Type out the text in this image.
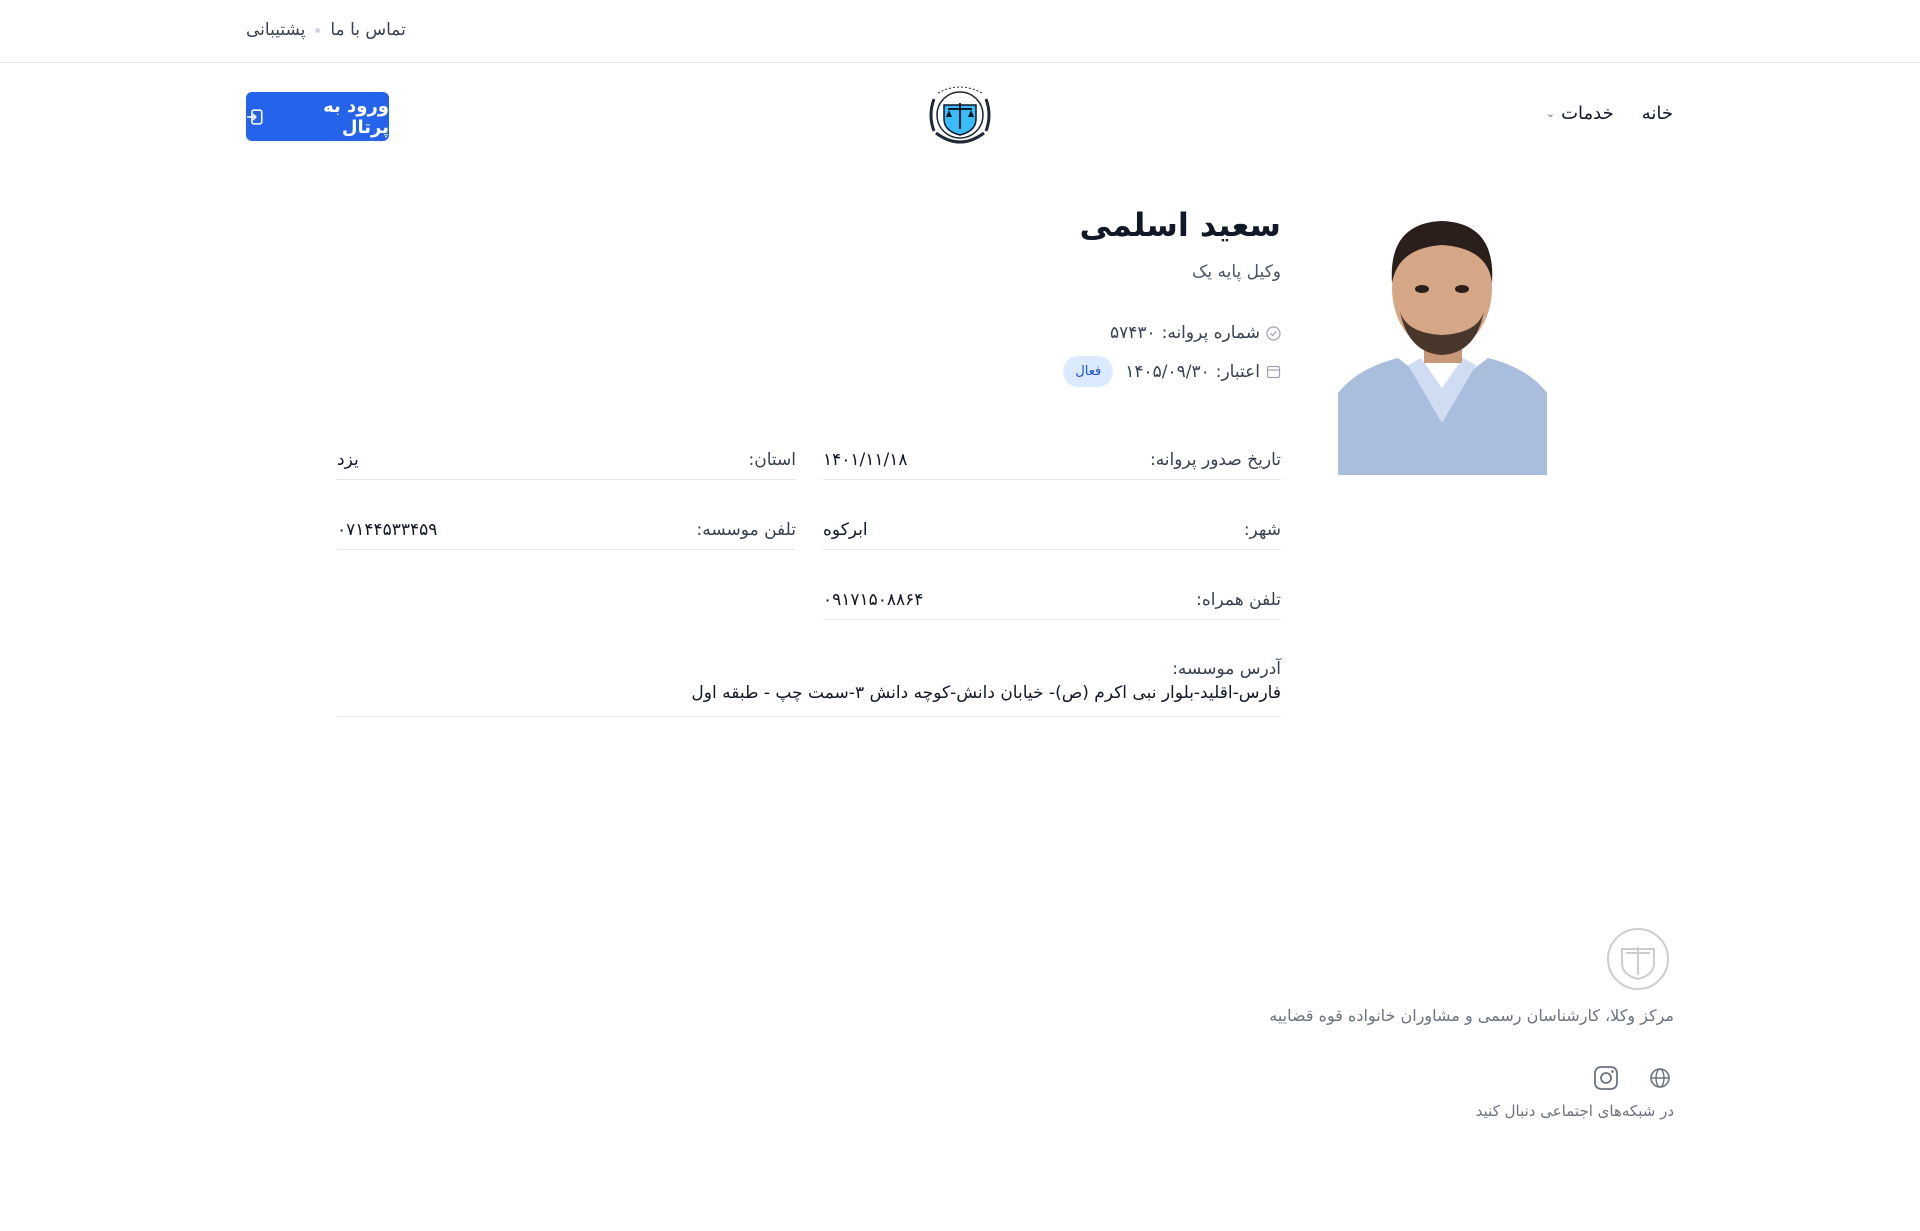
پشتیبانی تماس با ما
خانه
خدمات
⌄
ورود به پرتال
سعید اسلمی
وکیل پایه یک
شماره پروانه:
۵۷۴۳۰
اعتبار:
۱۴۰۵/۰۹/۳۰
فعال
تاریخ صدور پروانه:
۱۴۰۱/۱۱/۱۸
استان:
یزد
شهر:
ابرکوه
تلفن موسسه:
۰۷۱۴۴۵۳۳۴۵۹
تلفن همراه:
۰۹۱۷۱۵۰۸۸۶۴
آدرس موسسه:
فارس-اقلید-بلوار نبی اکرم (ص)- خیابان دانش-کوچه دانش ۳-سمت چپ - طبقه اول
مرکز وکلا، کارشناسان رسمی و مشاوران خانواده قوه قضاییه
در شبکه‌های اجتماعی دنبال کنید
